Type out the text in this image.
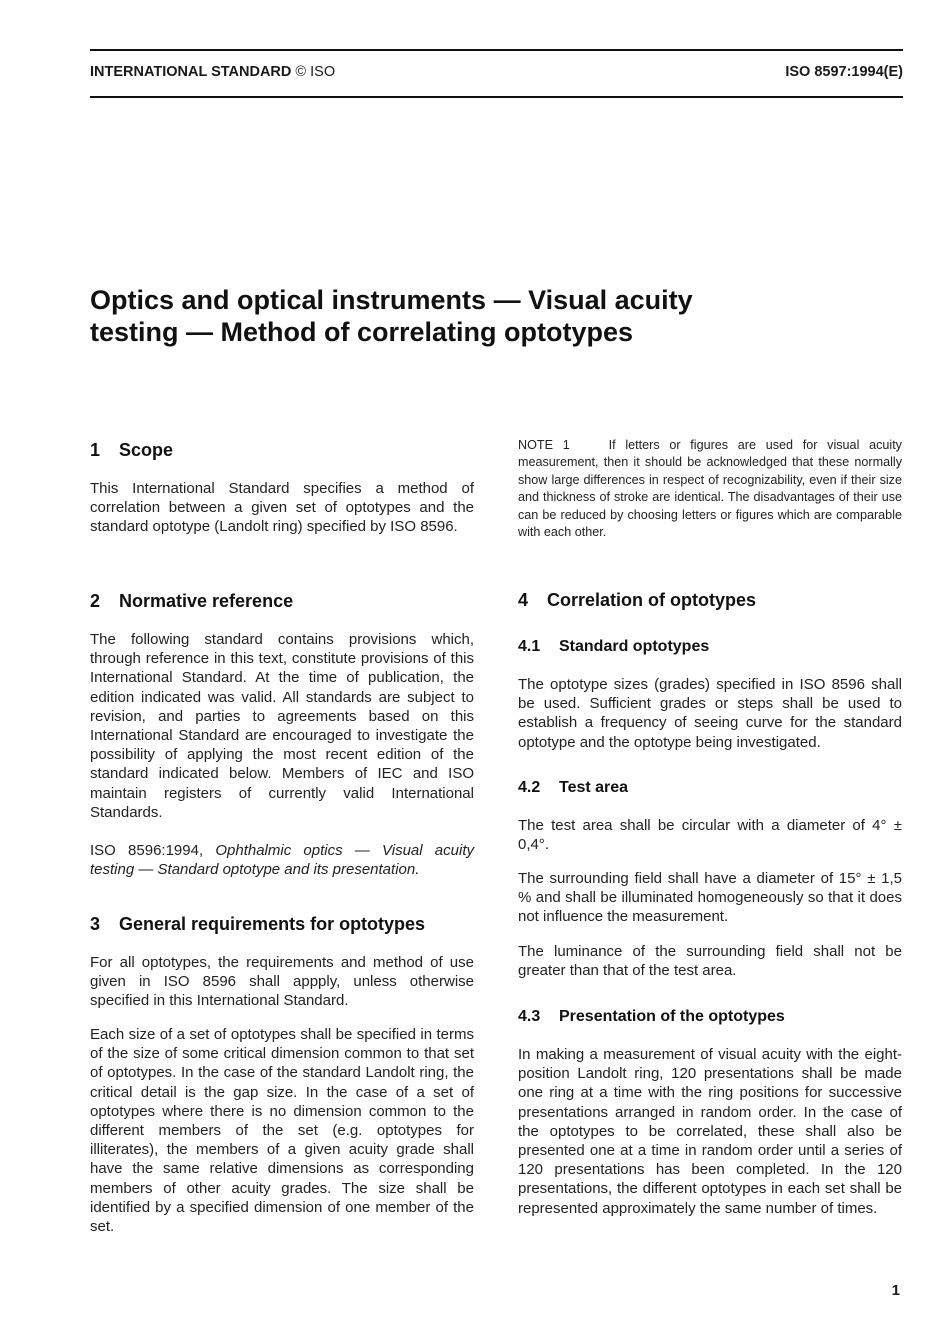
INTERNATIONAL STANDARD © ISO	ISO 8597:1994(E)
Optics and optical instruments — Visual acuity
testing — Method of correlating optotypes
1 Scope

This International Standard specifies a method of correlation between a given set of optotypes and the standard optotype (Landolt ring) specified by ISO 8596.

2 Normative reference

The following standard contains provisions which, through reference in this text, constitute provisions of this International Standard. At the time of publication, the edition indicated was valid. All standards are subject to revision, and parties to agreements based on this International Standard are encouraged to investigate the possibility of applying the most recent edition of the standard indicated below. Members of IEC and ISO maintain registers of currently valid International Standards.

ISO 8596:1994, Ophthalmic optics — Visual acuity testing — Standard optotype and its presentation.

3 General requirements for optotypes

For all optotypes, the requirements and method of use given in ISO 8596 shall appply, unless otherwise specified in this International Standard.

Each size of a set of optotypes shall be specified in terms of the size of some critical dimension common to that set of optotypes. In the case of the standard Landolt ring, the critical detail is the gap size. In the case of a set of optotypes where there is no dimension common to the different members of the set (e.g. optotypes for illiterates), the members of a given acuity grade shall have the same relative dimensions as corresponding members of other acuity grades. The size shall be identified by a specified dimension of one member of the set.

NOTE 1	If letters or figures are used for visual acuity measurement, then it should be acknowledged that these normally show large differences in respect of recognizability, even if their size and thickness of stroke are identical. The disadvantages of their use can be reduced by choosing letters or figures which are comparable with each other.

4 Correlation of optotypes
4.1 Standard optotypes

The optotype sizes (grades) specified in ISO 8596 shall be used. Sufficient grades or steps shall be used to establish a frequency of seeing curve for the standard optotype and the optotype being investigated.

4.2 Test area

The test area shall be circular with a diameter of 4° ± 0,4°.

The surrounding field shall have a diameter of 15° ± 1,5 % and shall be illuminated homogeneously so that it does not influence the measurement.

The luminance of the surrounding field shall not be greater than that of the test area.

4.3 Presentation of the optotypes

In making a measurement of visual acuity with the eight-position Landolt ring, 120 presentations shall be made one ring at a time with the ring positions for successive presentations arranged in random order. In the case of the optotypes to be correlated, these shall also be presented one at a time in random order until a series of 120 presentations has been completed. In the 120 presentations, the different optotypes in each set shall be represented approximately the same number of times.

1
